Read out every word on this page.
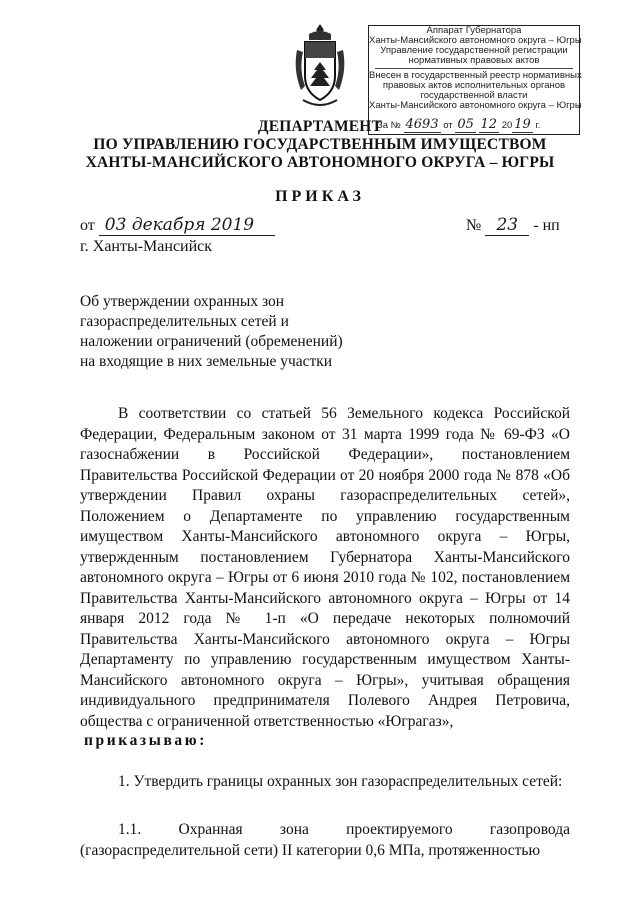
Аппарат Губернатора
Ханты-Мансийского автономного округа – Югры
Управление государственной регистрации
нормативных правовых актов
Внесен в государственный реестр нормативных
правовых актов исполнительных органов
государственной власти
Ханты-Мансийского автономного округа – Югры
За № 4693 от 05 12 20 19 г.
ДЕПАРТАМЕНТ
ПО УПРАВЛЕНИЮ ГОСУДАРСТВЕННЫМ ИМУЩЕСТВОМ
ХАНТЫ-МАНСИЙСКОГО АВТОНОМНОГО ОКРУГА – ЮГРЫ
ПРИКАЗ
от 03 декабря 2019	№ 23 - нп
г. Ханты-Мансийск
Об утверждении охранных зон
газораспределительных сетей и
наложении ограничений (обременений)
на входящие в них земельные участки
В соответствии со статьей 56 Земельного кодекса Российской Федерации, Федеральным законом от 31 марта 1999 года № 69-ФЗ «О газоснабжении в Российской Федерации», постановлением Правительства Российской Федерации от 20 ноября 2000 года № 878 «Об утверждении Правил охраны газораспределительных сетей», Положением о Департаменте по управлению государственным имуществом Ханты-Мансийского автономного округа – Югры, утвержденным постановлением Губернатора Ханты-Мансийского автономного округа – Югры от 6 июня 2010 года № 102, постановлением Правительства Ханты-Мансийского автономного округа – Югры от 14 января 2012 года № 1-п «О передаче некоторых полномочий Правительства Ханты-Мансийского автономного округа – Югры Департаменту по управлению государственным имуществом Ханты-Мансийского автономного округа – Югры», учитывая обращения индивидуального предпринимателя Полевого Андрея Петровича, общества с ограниченной ответственностью «Юграгаз»,
приказываю:
1. Утвердить границы охранных зон газораспределительных сетей:
1.1. Охранная зона проектируемого газопровода (газораспределительной сети) II категории 0,6 МПа, протяженностью
